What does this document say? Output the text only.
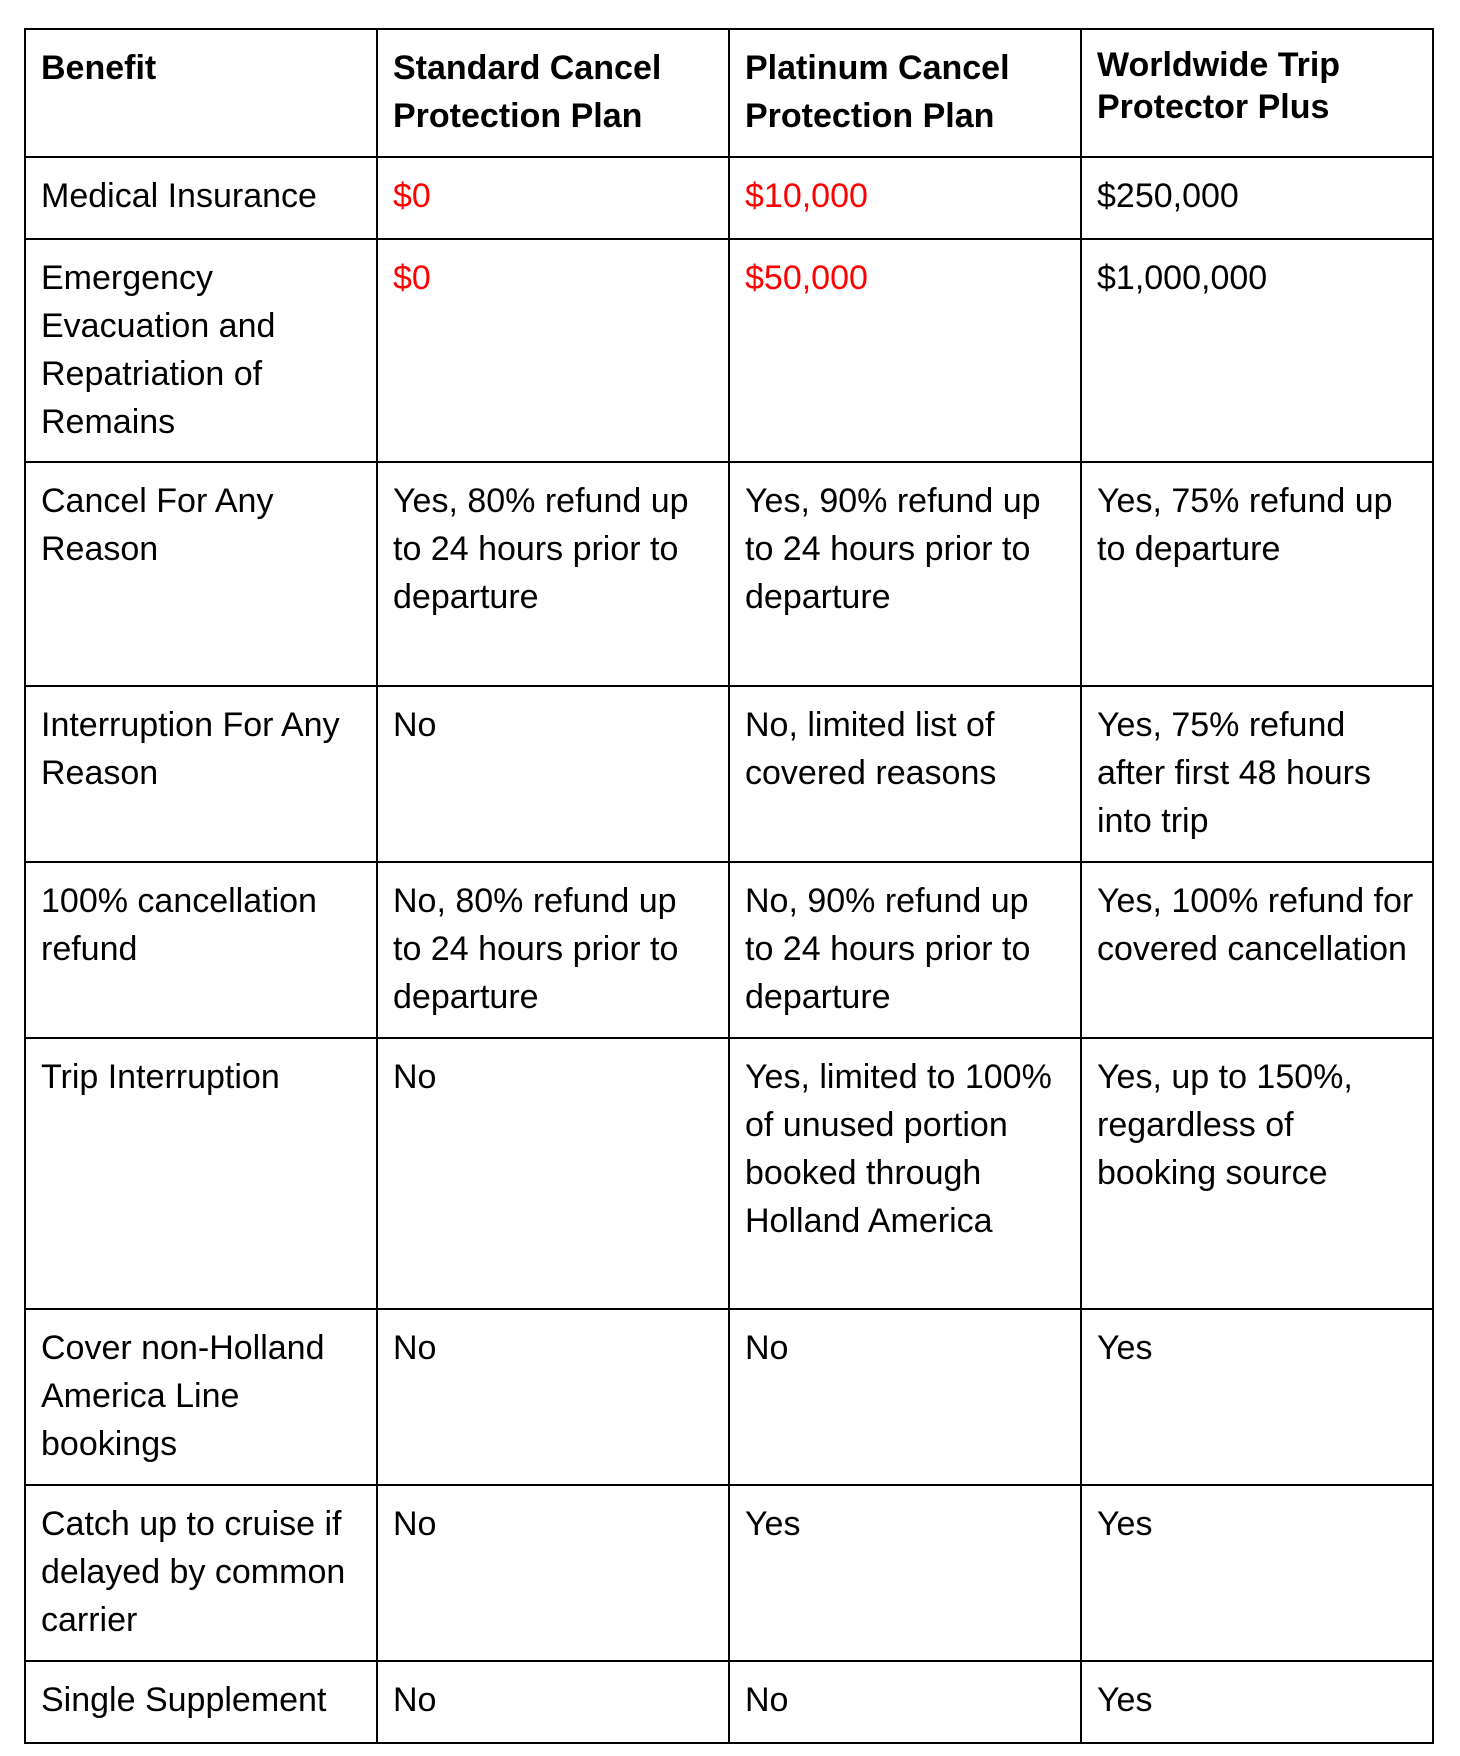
Benefit	Standard Cancel Protection Plan	Platinum Cancel Protection Plan	Worldwide Trip Protector Plus
Medical Insurance	$0	$10,000	$250,000
Emergency Evacuation and Repatriation of Remains	$0	$50,000	$1,000,000
Cancel For Any Reason	Yes, 80% refund up to 24 hours prior to departure	Yes, 90% refund up to 24 hours prior to departure	Yes, 75% refund up to departure
Interruption For Any Reason	No	No, limited list of covered reasons	Yes, 75% refund after first 48 hours into trip
100% cancellation refund	No, 80% refund up to 24 hours prior to departure	No, 90% refund up to 24 hours prior to departure	Yes, 100% refund for covered cancellation
Trip Interruption	No	Yes, limited to 100% of unused portion booked through Holland America	Yes, up to 150%, regardless of booking source
Cover non-Holland America Line bookings	No	No	Yes
Catch up to cruise if delayed by common carrier	No	Yes	Yes
Single Supplement	No	No	Yes
